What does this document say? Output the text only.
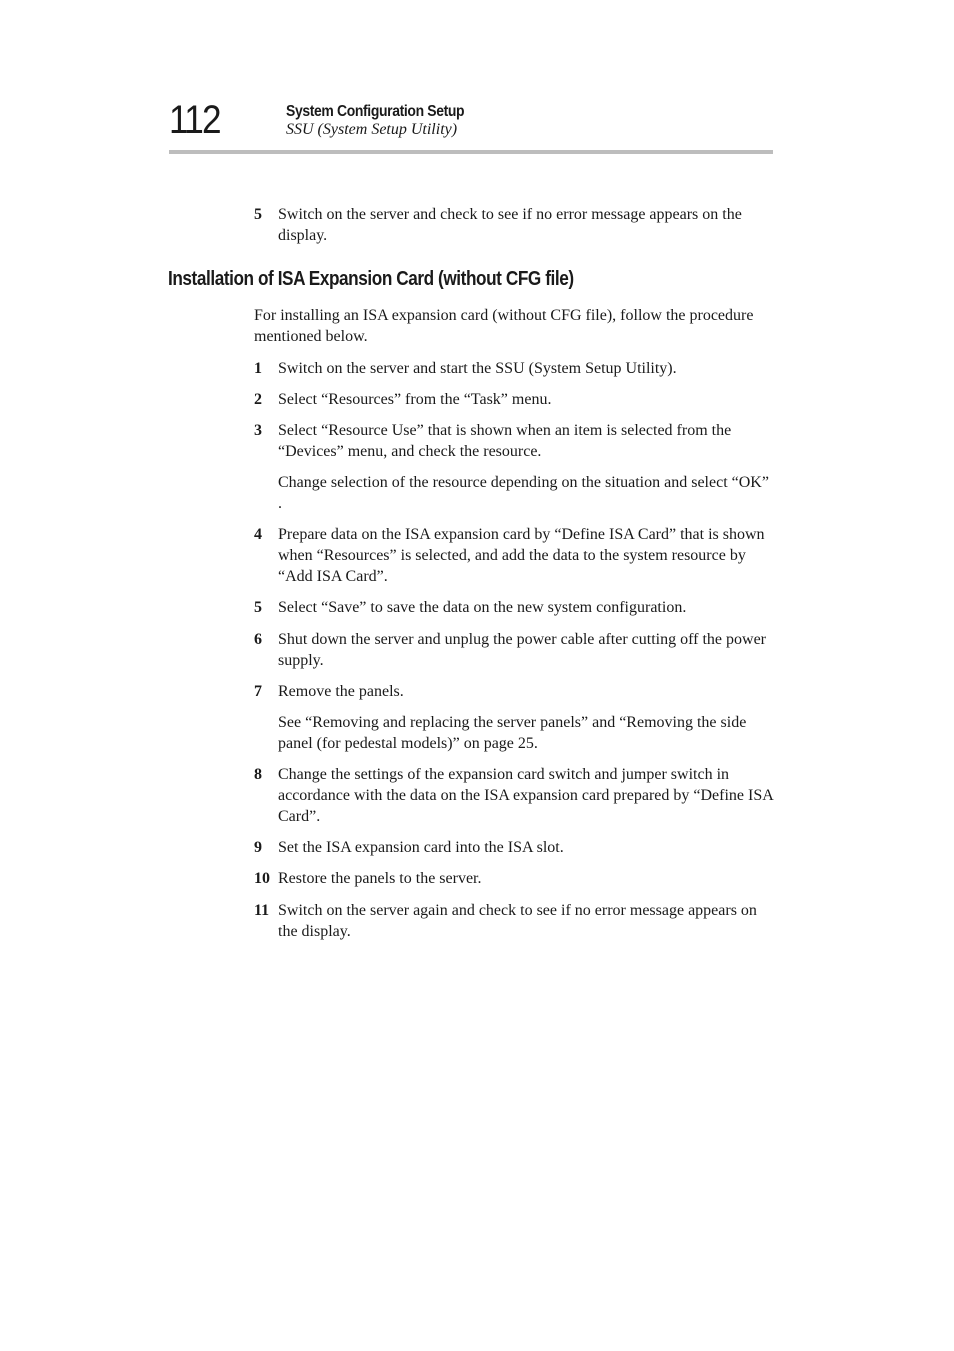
112	System Configuration Setup
SSU (System Setup Utility)
5 Switch on the server and check to see if no error message appears on the display.
Installation of ISA Expansion Card (without CFG file)
For installing an ISA expansion card (without CFG file), follow the procedure mentioned below.
1 Switch on the server and start the SSU (System Setup Utility).
2 Select “Resources” from the “Task” menu.
3 Select “Resource Use” that is shown when an item is selected from the “Devices” menu, and check the resource.
Change selection of the resource depending on the situation and select “OK” .
4 Prepare data on the ISA expansion card by “Define ISA Card” that is shown when “Resources” is selected, and add the data to the system resource by “Add ISA Card”.
5 Select “Save” to save the data on the new system configuration.
6 Shut down the server and unplug the power cable after cutting off the power supply.
7 Remove the panels.
See “Removing and replacing the server panels” and “Removing the side panel (for pedestal models)” on page 25.
8 Change the settings of the expansion card switch and jumper switch in accordance with the data on the ISA expansion card prepared by “Define ISA Card”.
9 Set the ISA expansion card into the ISA slot.
10 Restore the panels to the server.
11 Switch on the server again and check to see if no error message appears on the display.
